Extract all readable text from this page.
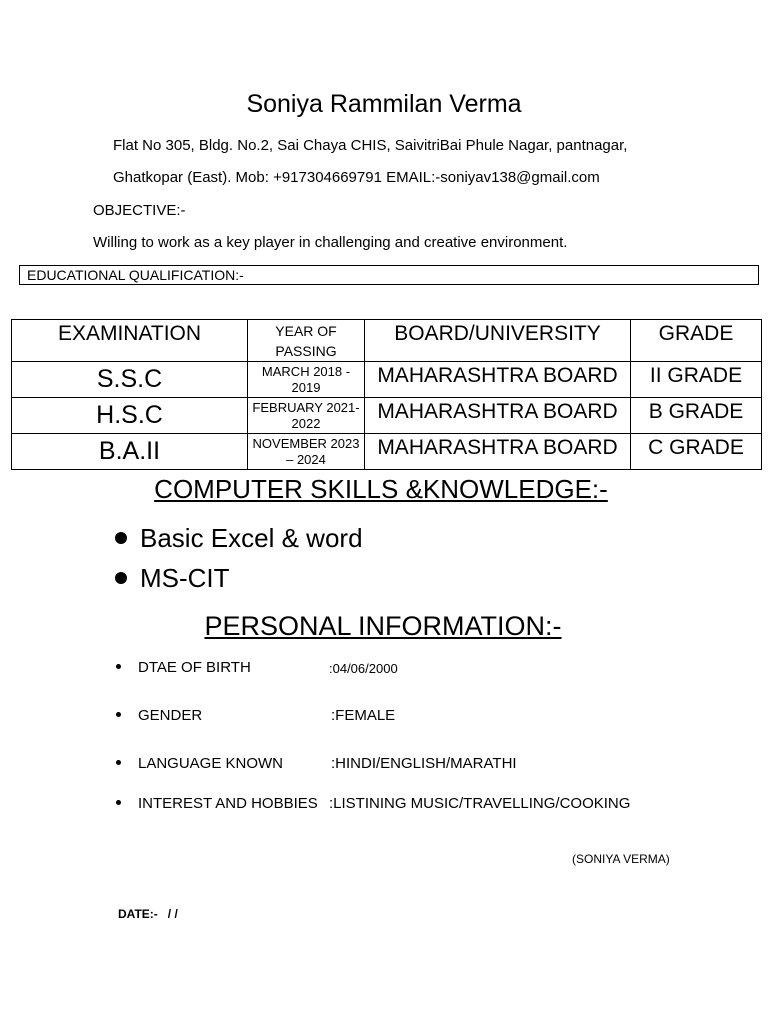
Soniya Rammilan Verma
Flat No 305, Bldg. No.2, Sai Chaya CHIS, SaivitriBai Phule Nagar, pantnagar,
Ghatkopar (East). Mob: +917304669791 EMAIL:-soniyav138@gmail.com
OBJECTIVE:-
Willing to work as a key player in challenging and creative environment.
EDUCATIONAL QUALIFICATION:-
EXAMINATION	YEAR OF PASSING	BOARD/UNIVERSITY	GRADE
S.S.C	MARCH 2018 - 2019	MAHARASHTRA BOARD	II GRADE
H.S.C	FEBRUARY 2021-2022	MAHARASHTRA BOARD	B GRADE
B.A.II	NOVEMBER 2023 – 2024	MAHARASHTRA BOARD	C GRADE
COMPUTER SKILLS &KNOWLEDGE:-
Basic Excel & word
MS-CIT
PERSONAL INFORMATION:-
DTAE OF BIRTH	:04/06/2000
GENDER	:FEMALE
LANGUAGE KNOWN	:HINDI/ENGLISH/MARATHI
INTEREST AND HOBBIES :LISTINING MUSIC/TRAVELLING/COOKING
(SONIYA VERMA)
DATE:- / /
